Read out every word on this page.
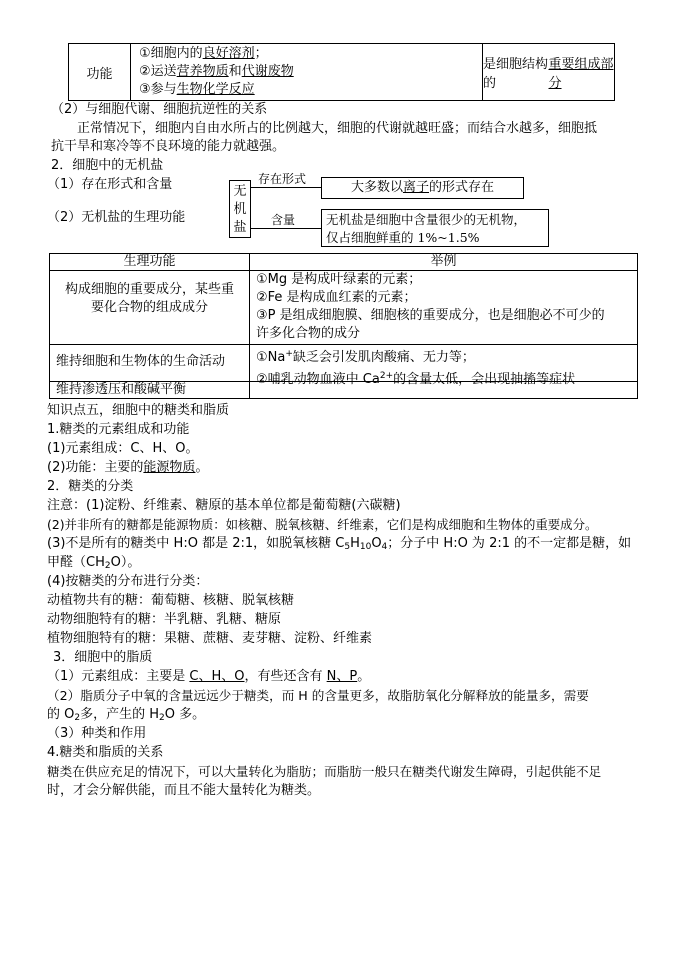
功能
①细胞内的良好溶剂；
②运送营养物质和代谢废物
③参与生物化学反应
是细胞结构的
重要组成部分
（2）与细胞代谢、细胞抗逆性的关系
正常情况下，细胞内自由水所占的比例越大，细胞的代谢就越旺盛；而结合水越多，细胞抵
抗干旱和寒冷等不良环境的能力就越强。
2．细胞中的无机盐
（1）存在形式和含量
（2）无机盐的生理功能
无
机
盐
存在形式
含量
大多数以离子的形式存在
无机盐是细胞中含量很少的无机物，
仅占细胞鲜重的 1%~1.5%
生理功能	举例
构成细胞的重要成分，某些重
要化合物的组成成分
①Mg 是构成叶绿素的元素；
②Fe 是构成血红素的元素；
③P 是组成细胞膜、细胞核的重要成分，也是细胞必不可少的
许多化合物的成分
维持细胞和生物体的生命活动 ①Na+缺乏会引发肌肉酸痛、无力等；
②哺乳动物血液中 $Ca^{2+}$的含量太低，会出现抽搐等症状
维持渗透压和酸碱平衡
知识点五，细胞中的糖类和脂质
1.糖类的元素组成和功能
(1)元素组成：C、H、O。
(2)功能：主要的能源物质。
2．糖类的分类
注意：(1)淀粉、纤维素、糖原的基本单位都是葡萄糖(六碳糖)
(2)并非所有的糖都是能源物质：如核糖、脱氧核糖、纤维素，它们是构成细胞和生物体的重要成分。
(3)不是所有的糖类中 H:O 都是 2:1，如脱氧核糖 $C_5H_{10}O_4$；分子中 H:O 为 2:1 的不一定都是糖，如
甲醛$(CH_2O)$。
(4)按糖类的分布进行分类：
动植物共有的糖：葡萄糖、核糖、脱氧核糖
动物细胞特有的糖：半乳糖、乳糖、糖原
植物细胞特有的糖：果糖、蔗糖、麦芽糖、淀粉、纤维素
3．细胞中的脂质
（1）元素组成：主要是 C、H、O，有些还含有 N、P。
（2）脂质分子中氧的含量远远少于糖类，而 H 的含量更多，故脂肪氧化分解释放的能量多，需要
的 $O_2$多，产生的 $H_2O$ 多。
（3）种类和作用
4.糖类和脂质的关系
糖类在供应充足的情况下，可以大量转化为脂肪；而脂肪一般只在糖类代谢发生障碍，引起供能不足
时，才会分解供能，而且不能大量转化为糖类。
